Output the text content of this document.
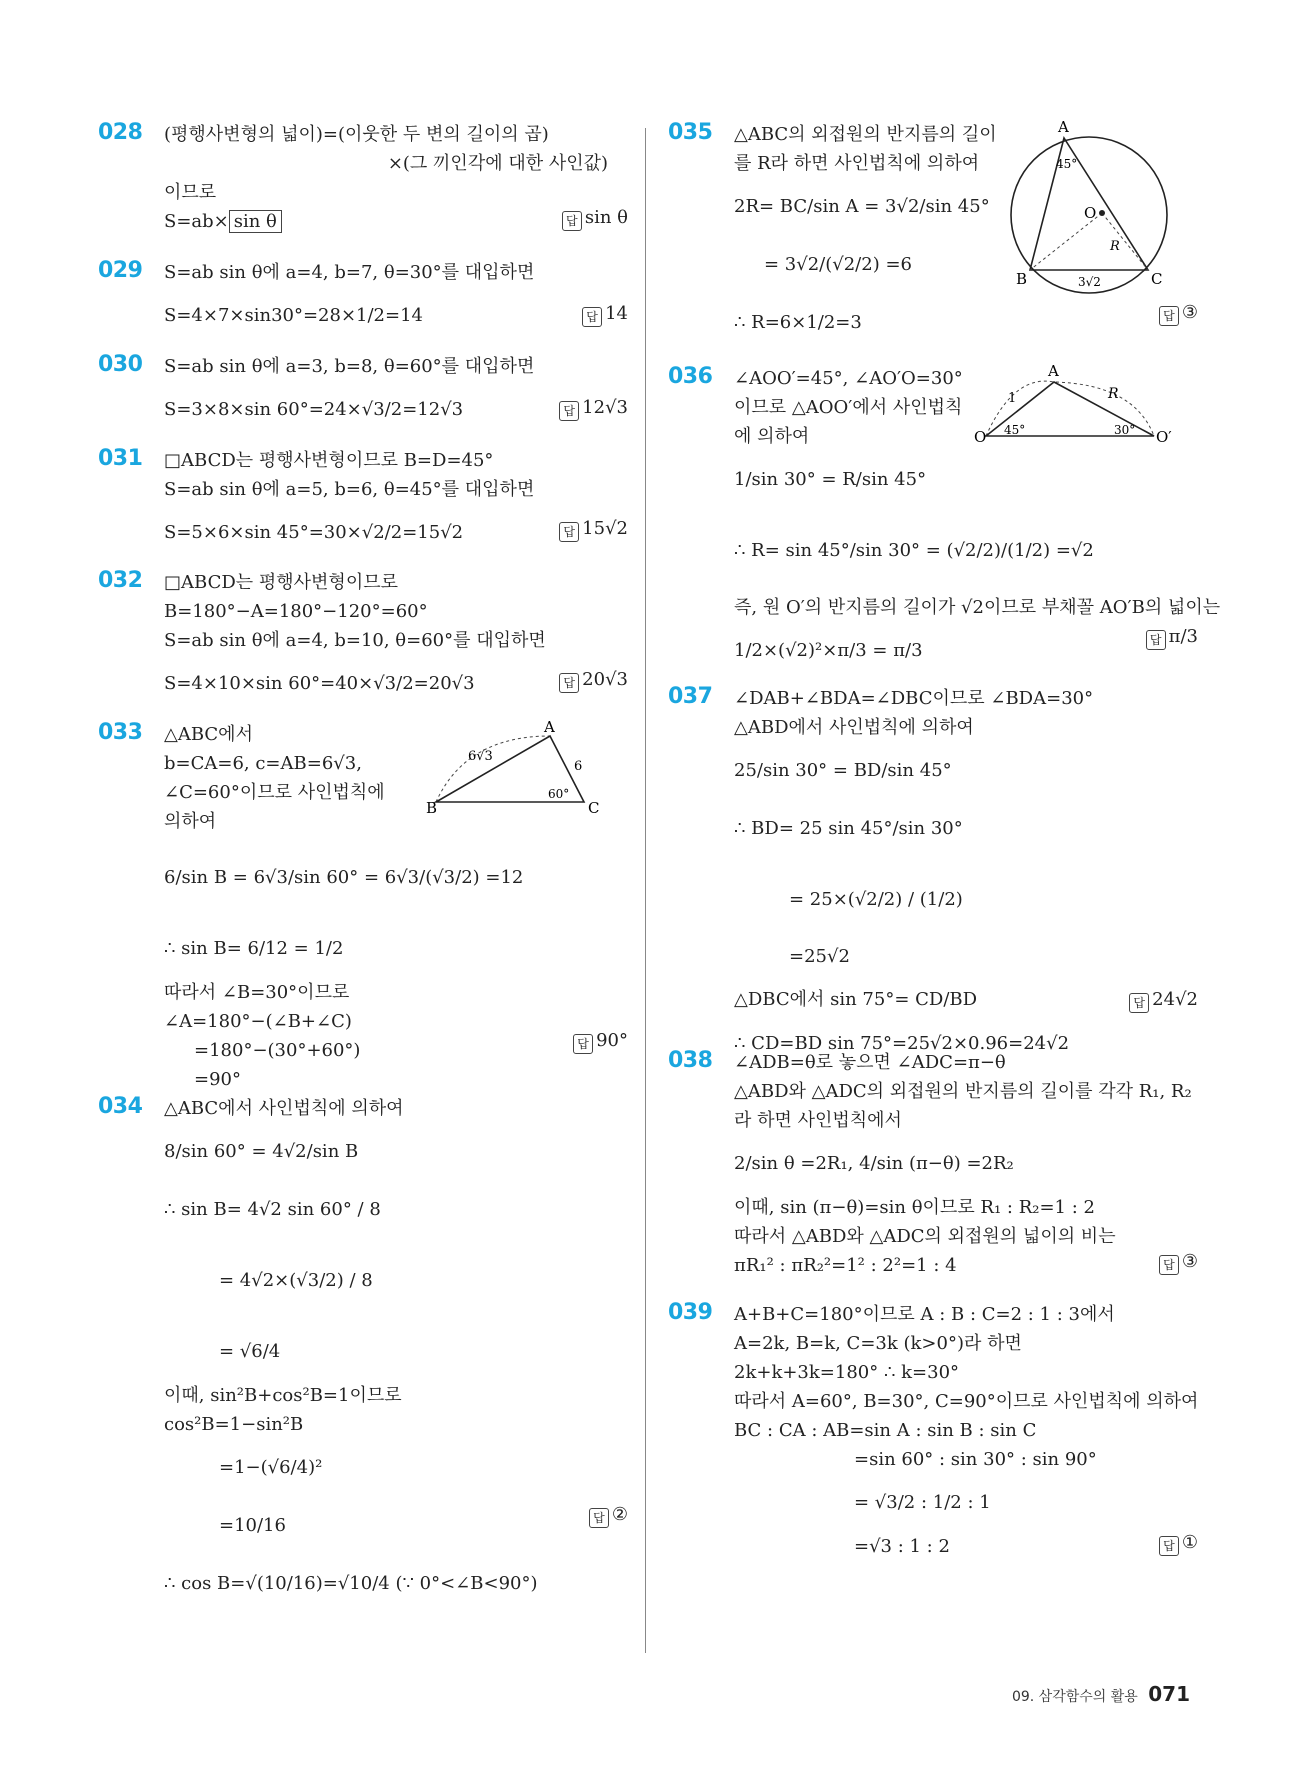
028 (평행사변형의 넓이)=(이웃한 두 변의 길이의 곱)
×(그 끼인각에 대한 사인값)
이므로
S=ab× sin θ	답 sin θ
029 S=ab sin θ에 a=4, b=7, θ=30°를 대입하면
S=4×7×sin30°=28×1/2=14	답 14
030 S=ab sin θ에 a=3, b=8, θ=60°를 대입하면
S=3×8×sin 60°=24×√3/2=12√3	답 12√3
031 □ABCD는 평행사변형이므로 B=D=45°
S=ab sin θ에 a=5, b=6, θ=45°를 대입하면
S=5×6×sin 45°=30×√2/2=15√2	답 15√2
032 □ABCD는 평행사변형이므로
B=180°−A=180°−120°=60°
S=ab sin θ에 a=4, b=10, θ=60°를 대입하면
S=4×10×sin 60°=40×√3/2=20√3	답 20√3
033 △ABC에서
b=CA=6, c=AB=6√3,
∠C=60°이므로 사인법칙에
의하여
6/sin B = 6√3/sin 60° = 6√3/(√3/2) =12
∴ sin B= 6/12 = 1/2
따라서 ∠B=30°이므로
∠A=180°−(∠B+∠C)
=180°−(30°+60°)
=90°
답 90°
B
A
C
6√3
6
60°
034 △ABC에서 사인법칙에 의하여
8/sin 60° = 4√2/sin B
∴ sin B= 4√2 sin 60° / 8
= 4√2×(√3/2) / 8
= √6/4
이때, sin²B+cos²B=1이므로
cos²B=1−sin²B
=1−(√6/4)²
=10/16
∴ cos B=√(10/16)=√10/4 (∵ 0°<∠B<90°)
답 ②
035 △ABC의 외접원의 반지름의 길이
를 R라 하면 사인법칙에 의하여
2R= BC/sin A = 3√2/sin 45°
= 3√2/(√2/2) =6
∴ R=6×1/2=3	답 ③
A
B	C
O
R
45°
3√2
036 ∠AOO′=45°, ∠AO′O=30°
이므로 △AOO′에서 사인법칙
에 의하여
1/sin 30° = R/sin 45°
∴ R= sin 45°/sin 30° = (√2/2)/(1/2) =√2
즉, 원 O′의 반지름의 길이가 √2이므로 부채꼴 AO′B의 넓이는
1/2×(√2)²×π/3 = π/3	답 π/3
A
O	O′
1	R
45°	30°
037 ∠DAB+∠BDA=∠DBC이므로 ∠BDA=30°
△ABD에서 사인법칙에 의하여
25/sin 30° = BD/sin 45°
∴ BD= 25 sin 45°/sin 30°
= 25×(√2/2) / (1/2)
=25√2
△DBC에서 sin 75°= CD/BD
∴ CD=BD sin 75°=25√2×0.96=24√2
답 24√2
038 ∠ADB=θ로 놓으면 ∠ADC=π−θ
△ABD와 △ADC의 외접원의 반지름의 길이를 각각 R₁, R₂
라 하면 사인법칙에서
2/sin θ =2R₁, 4/sin (π−θ) =2R₂
이때, sin (π−θ)=sin θ이므로 R₁ : R₂=1 : 2
따라서 △ABD와 △ADC의 외접원의 넓이의 비는
πR₁² : πR₂²=1² : 2²=1 : 4	답 ③
039 A+B+C=180°이므로 A : B : C=2 : 1 : 3에서
A=2k, B=k, C=3k (k>0°)라 하면
2k+k+3k=180° ∴ k=30°
따라서 A=60°, B=30°, C=90°이므로 사인법칙에 의하여
BC : CA : AB=sin A : sin B : sin C
=sin 60° : sin 30° : sin 90°
= √3/2 : 1/2 : 1
=√3 : 1 : 2	답 ①
09. 삼각함수의 활용 071
